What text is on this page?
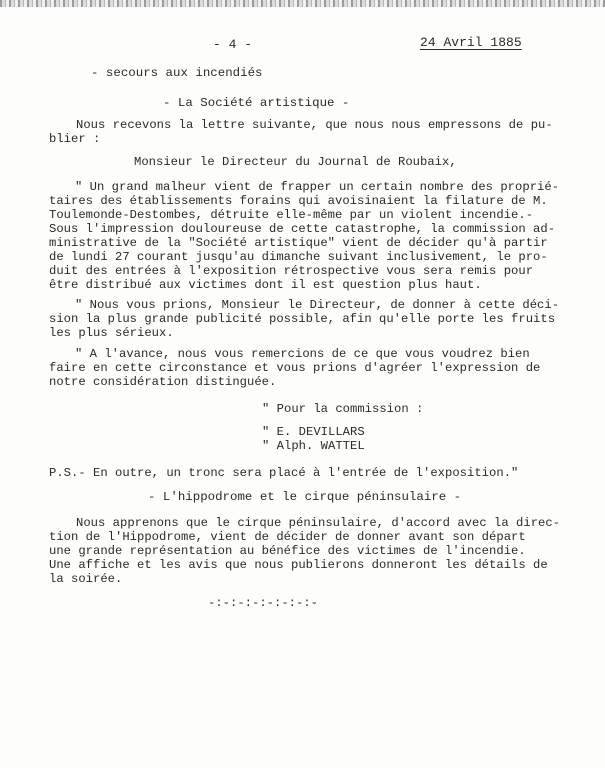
- 4 -	24 Avril 1885
- secours aux incendiés
- La Société artistique -
Nous recevons la lettre suivante, que nous nous empressons de pu-
blier :
Monsieur le Directeur du Journal de Roubaix,
" Un grand malheur vient de frapper un certain nombre des proprié-
taires des établissements forains qui avoisinaient la filature de M.
Toulemonde-Destombes, détruite elle-même par un violent incendie.-
Sous l'impression douloureuse de cette catastrophe, la commission ad-
ministrative de la "Société artistique" vient de décider qu'à partir
de lundi 27 courant jusqu'au dimanche suivant inclusivement, le pro-
duit des entrées à l'exposition rétrospective vous sera remis pour
être distribué aux victimes dont il est question plus haut.
" Nous vous prions, Monsieur le Directeur, de donner à cette déci-
sion la plus grande publicité possible, afin qu'elle porte les fruits
les plus sérieux.
" A l'avance, nous vous remercions de ce que vous voudrez bien
faire en cette circonstance et vous prions d'agréer l'expression de
notre considération distinguée.
" Pour la commission :
" E. DEVILLARS
" Alph. WATTEL
P.S.- En outre, un tronc sera placé à l'entrée de l'exposition."
- L'hippodrome et le cirque péninsulaire -
Nous apprenons que le cirque péninsulaire, d'accord avec la direc-
tion de l'Hippodrome, vient de décider de donner avant son départ
une grande représentation au bénéfice des victimes de l'incendie.
Une affiche et les avis que nous publierons donneront les détails de
la soirée.
-:-:-:-:-:-:-:-
